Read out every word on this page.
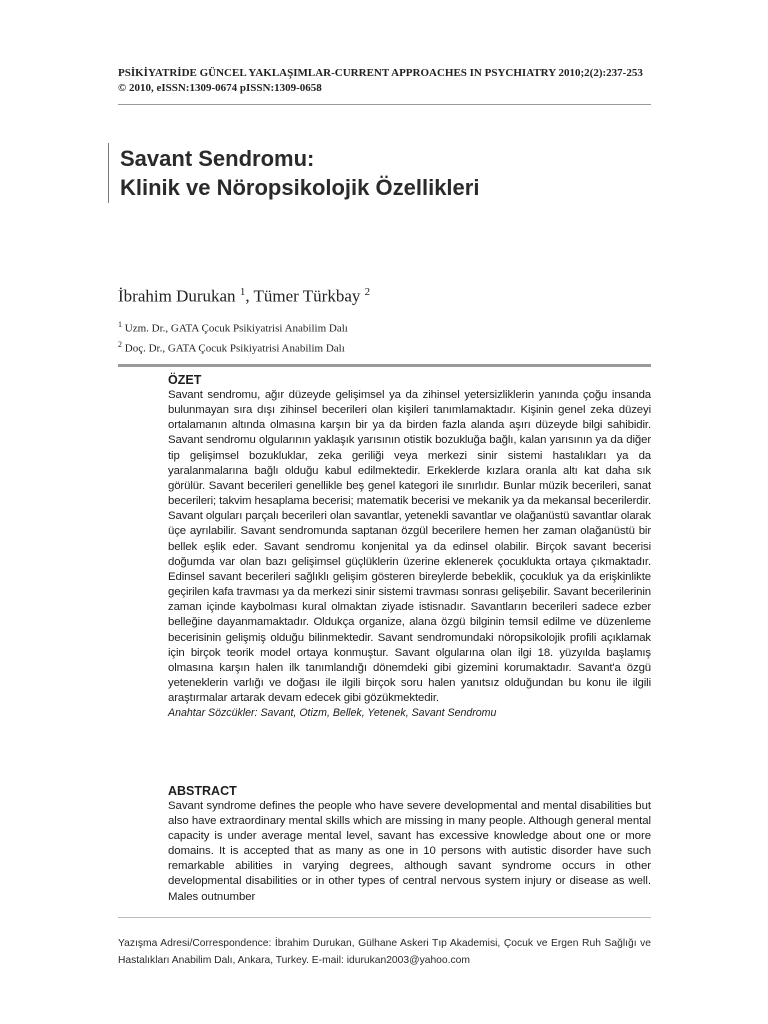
PSİKİYATRİDE GÜNCEL YAKLAŞIMLAR-CURRENT APPROACHES IN PSYCHIATRY 2010;2(2):237-253
© 2010, eISSN:1309-0674 pISSN:1309-0658
Savant Sendromu:
Klinik ve Nöropsikolojik Özellikleri
İbrahim Durukan $^1$, Tümer Türkbay $^2$
$^1$ Uzm. Dr., GATA Çocuk Psikiyatrisi Anabilim Dalı
$^2$ Doç. Dr., GATA Çocuk Psikiyatrisi Anabilim Dalı

ÖZET

Savant sendromu, ağır düzeyde gelişimsel ya da zihinsel yetersizliklerin yanında çoğu insanda bulunmayan sıra dışı zihinsel becerileri olan kişileri tanımlamaktadır. Kişinin genel zeka düzeyi ortalamanın altında olmasına karşın bir ya da birden fazla alanda aşırı düzeyde bilgi sahibidir. Savant sendromu olgularının yaklaşık yarısının otistik bozukluğa bağlı, kalan yarısının ya da diğer tip gelişimsel bozukluklar, zeka geriliği veya merkezi sinir sistemi hastalıkları ya da yaralanmalarına bağlı olduğu kabul edilmektedir. Erkeklerde kızlara oranla altı kat daha sık görülür. Savant becerileri genellikle beş genel kategori ile sınırlıdır. Bunlar müzik becerileri, sanat becerileri; takvim hesaplama becerisi; matematik becerisi ve mekanik ya da mekansal becerilerdir. Savant olguları parçalı becerileri olan savantlar, yetenekli savantlar ve olağanüstü savantlar olarak üçe ayrılabilir. Savant sendromunda saptanan özgül becerilere hemen her zaman olağanüstü bir bellek eşlik eder. Savant sendromu konjenital ya da edinsel olabilir. Birçok savant becerisi doğumda var olan bazı gelişimsel güçlüklerin üzerine eklenerek çocuklukta ortaya çıkmaktadır. Edinsel savant becerileri sağlıklı gelişim gösteren bireylerde bebeklik, çocukluk ya da erişkinlikte geçirilen kafa travması ya da merkezi sinir sistemi travması sonrası gelişebilir. Savant becerilerinin zaman içinde kaybolması kural olmaktan ziyade istisnadır. Savantların becerileri sadece ezber belleğine dayanmamaktadır. Oldukça organize, alana özgü bilginin temsil edilme ve düzenleme becerisinin gelişmiş olduğu bilinmektedir. Savant sendromundaki nöropsikolojik profili açıklamak için birçok teorik model ortaya konmuştur. Savant olgularına olan ilgi 18. yüzyılda başlamış olmasına karşın halen ilk tanımlandığı dönemdeki gibi gizemini korumaktadır. Savant'a özgü yeteneklerin varlığı ve doğası ile ilgili birçok soru halen yanıtsız olduğundan bu konu ile ilgili araştırmalar artarak devam edecek gibi gözükmektedir.

Anahtar Sözcükler: Savant, Otizm, Bellek, Yetenek, Savant Sendromu

ABSTRACT

Savant syndrome defines the people who have severe developmental and mental disabilities but also have extraordinary mental skills which are missing in many people. Although general mental capacity is under average mental level, savant has excessive knowledge about one or more domains. It is accepted that as many as one in 10 persons with autistic disorder have such remarkable abilities in varying degrees, although savant syndrome occurs in other developmental disabilities or in other types of central nervous system injury or disease as well. Males outnumber

Yazışma Adresi/Correspondence: İbrahim Durukan, Gülhane Askeri Tıp Akademisi, Çocuk ve Ergen Ruh Sağlığı ve Hastalıkları Anabilim Dalı, Ankara, Turkey. E-mail: idurukan2003@yahoo.com
